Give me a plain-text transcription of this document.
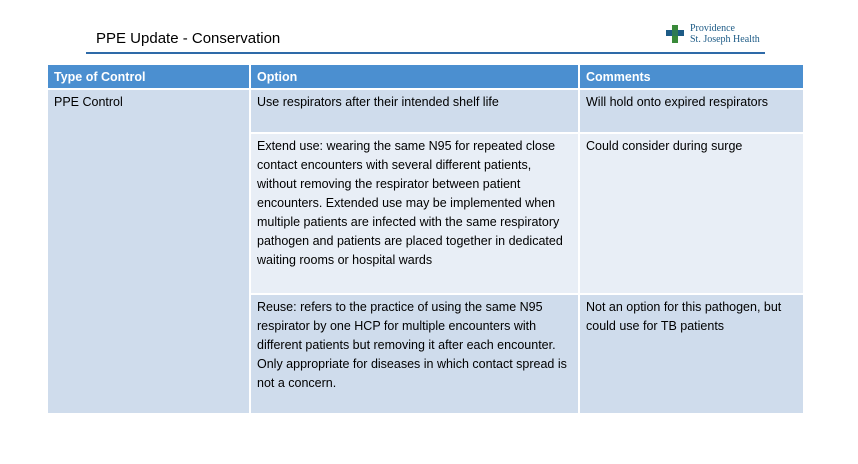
PPE Update - Conservation
Providence
St. Joseph Health
Type of Control	Option	Comments
PPE Control	Use respirators after their intended shelf life	Will hold onto expired respirators
	Extend use: wearing the same N95 for repeated close contact encounters with several different patients, without removing the respirator between patient encounters. Extended use may be implemented when multiple patients are infected with the same respiratory pathogen and patients are placed together in dedicated waiting rooms or hospital wards	Could consider during surge
	Reuse: refers to the practice of using the same N95 respirator by one HCP for multiple encounters with different patients but removing it after each encounter. Only appropriate for diseases in which contact spread is not a concern.	Not an option for this pathogen, but could use for TB patients
